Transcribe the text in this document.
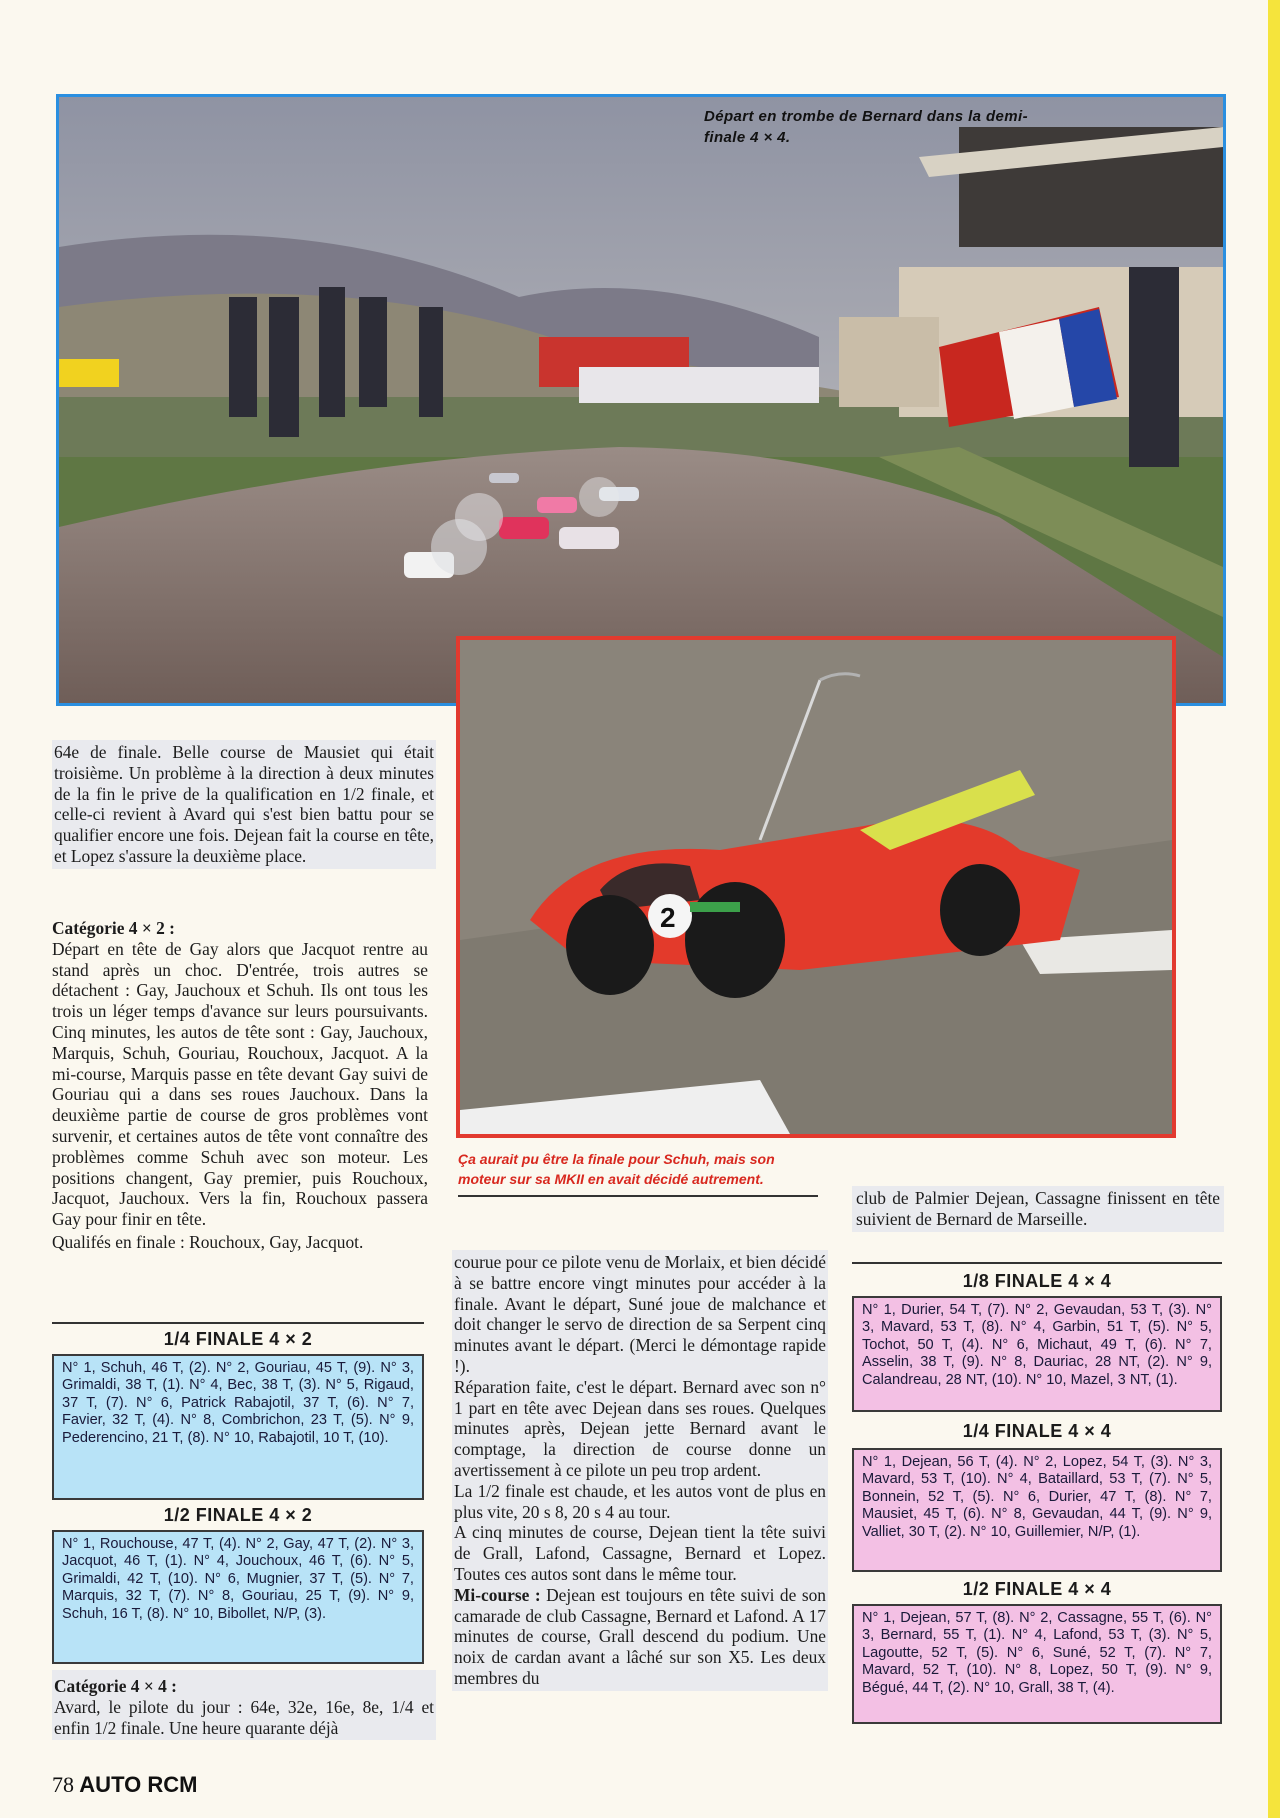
Départ en trombe de Bernard dans la demi-finale 4 × 4.
2
Ça aurait pu être la finale pour Schuh, mais son moteur sur sa MKII en avait décidé autrement.

64e de finale. Belle course de Mausiet qui était troisième. Un problème à la direction à deux minutes de la fin le prive de la qualification en 1/2 finale, et celle-ci revient à Avard qui s'est bien battu pour se qualifier encore une fois. Dejean fait la course en tête, et Lopez s'assure la deuxième place.

Catégorie 4 × 2 :

Départ en tête de Gay alors que Jacquot rentre au stand après un choc. D'entrée, trois autres se détachent : Gay, Jauchoux et Schuh. Ils ont tous les trois un léger temps d'avance sur leurs poursuivants. Cinq minutes, les autos de tête sont : Gay, Jauchoux, Marquis, Schuh, Gouriau, Rouchoux, Jacquot. A la mi-course, Marquis passe en tête devant Gay suivi de Gouriau qui a dans ses roues Jauchoux. Dans la deuxième partie de course de gros problèmes vont survenir, et certaines autos de tête vont connaître des problèmes comme Schuh avec son moteur. Les positions changent, Gay premier, puis Rouchoux, Jacquot, Jauchoux. Vers la fin, Rouchoux passera Gay pour finir en tête.

Qualifés en finale : Rouchoux, Gay, Jacquot.

1/4 FINALE 4 × 2
N° 1, Schuh, 46 T, (2). N° 2, Gouriau, 45 T, (9). N° 3, Grimaldi, 38 T, (1). N° 4, Bec, 38 T, (3). N° 5, Rigaud, 37 T, (7). N° 6, Patrick Rabajotil, 37 T, (6). N° 7, Favier, 32 T, (4). N° 8, Combrichon, 23 T, (5). N° 9, Pederencino, 21 T, (8). N° 10, Rabajotil, 10 T, (10).
1/2 FINALE 4 × 2
N° 1, Rouchouse, 47 T, (4). N° 2, Gay, 47 T, (2). N° 3, Jacquot, 46 T, (1). N° 4, Jouchoux, 46 T, (6). N° 5, Grimaldi, 42 T, (10). N° 6, Mugnier, 37 T, (5). N° 7, Marquis, 32 T, (7). N° 8, Gouriau, 25 T, (9). N° 9, Schuh, 16 T, (8). N° 10, Bibollet, N/P, (3).

Catégorie 4 × 4 :

Avard, le pilote du jour : 64e, 32e, 16e, 8e, 1/4 et enfin 1/2 finale. Une heure quarante déjà

courue pour ce pilote venu de Morlaix, et bien décidé à se battre encore vingt minutes pour accéder à la finale. Avant le départ, Suné joue de malchance et doit changer le servo de direction de sa Serpent cinq minutes avant le départ. (Merci le démontage rapide !).

Réparation faite, c'est le départ. Bernard avec son n° 1 part en tête avec Dejean dans ses roues. Quelques minutes après, Dejean jette Bernard avant le comptage, la direction de course donne un avertissement à ce pilote un peu trop ardent.

La 1/2 finale est chaude, et les autos vont de plus en plus vite, 20 s 8, 20 s 4 au tour.

A cinq minutes de course, Dejean tient la tête suivi de Grall, Lafond, Cassagne, Bernard et Lopez. Toutes ces autos sont dans le même tour.

Mi-course : Dejean est toujours en tête suivi de son camarade de club Cassagne, Bernard et Lafond. A 17 minutes de course, Grall descend du podium. Une noix de cardan avant a lâché sur son X5. Les deux membres du

club de Palmier Dejean, Cassagne finissent en tête suivient de Bernard de Marseille.

1/8 FINALE 4 × 4
N° 1, Durier, 54 T, (7). N° 2, Gevaudan, 53 T, (3). N° 3, Mavard, 53 T, (8). N° 4, Garbin, 51 T, (5). N° 5, Tochot, 50 T, (4). N° 6, Michaut, 49 T, (6). N° 7, Asselin, 38 T, (9). N° 8, Dauriac, 28 NT, (2). N° 9, Calandreau, 28 NT, (10). N° 10, Mazel, 3 NT, (1).
1/4 FINALE 4 × 4
N° 1, Dejean, 56 T, (4). N° 2, Lopez, 54 T, (3). N° 3, Mavard, 53 T, (10). N° 4, Bataillard, 53 T, (7). N° 5, Bonnein, 52 T, (5). N° 6, Durier, 47 T, (8). N° 7, Mausiet, 45 T, (6). N° 8, Gevaudan, 44 T, (9). N° 9, Valliet, 30 T, (2). N° 10, Guillemier, N/P, (1).
1/2 FINALE 4 × 4
N° 1, Dejean, 57 T, (8). N° 2, Cassagne, 55 T, (6). N° 3, Bernard, 55 T, (1). N° 4, Lafond, 53 T, (3). N° 5, Lagoutte, 52 T, (5). N° 6, Suné, 52 T, (7). N° 7, Mavard, 52 T, (10). N° 8, Lopez, 50 T, (9). N° 9, Bégué, 44 T, (2). N° 10, Grall, 38 T, (4).
78 AUTO RCM
